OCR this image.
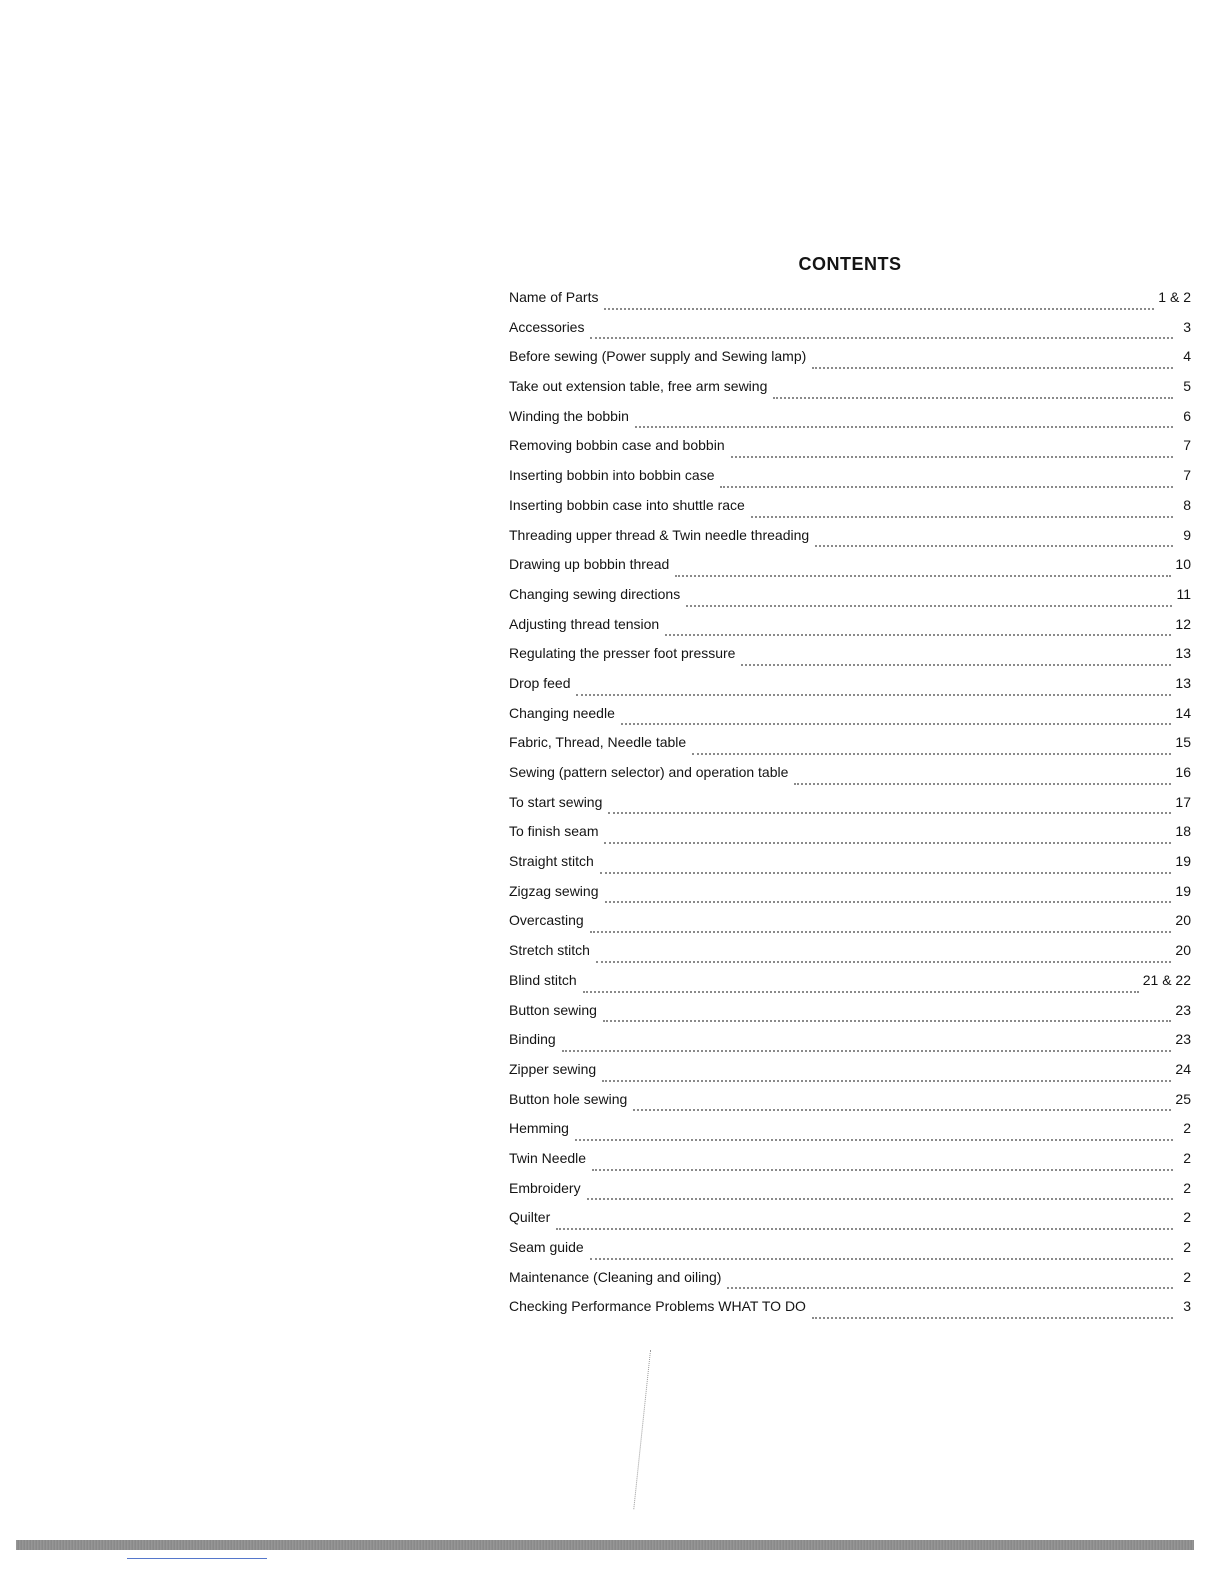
CONTENTS
Name of Parts	1 & 2
Accessories	3
Before sewing (Power supply and Sewing lamp)	4
Take out extension table, free arm sewing	5
Winding the bobbin	6
Removing bobbin case and bobbin	7
Inserting bobbin into bobbin case	7
Inserting bobbin case into shuttle race	8
Threading upper thread & Twin needle threading	9
Drawing up bobbin thread	10
Changing sewing directions	11
Adjusting thread tension	12
Regulating the presser foot pressure	13
Drop feed	13
Changing needle	14
Fabric, Thread, Needle table	15
Sewing (pattern selector) and operation table	16
To start sewing	17
To finish seam	18
Straight stitch	19
Zigzag sewing	19
Overcasting	20
Stretch stitch	20
Blind stitch	21 & 22
Button sewing	23
Binding	23
Zipper sewing	24
Button hole sewing	25
Hemming	2
Twin Needle	2
Embroidery	2
Quilter	2
Seam guide	2
Maintenance (Cleaning and oiling)	2
Checking Performance Problems WHAT TO DO	3
